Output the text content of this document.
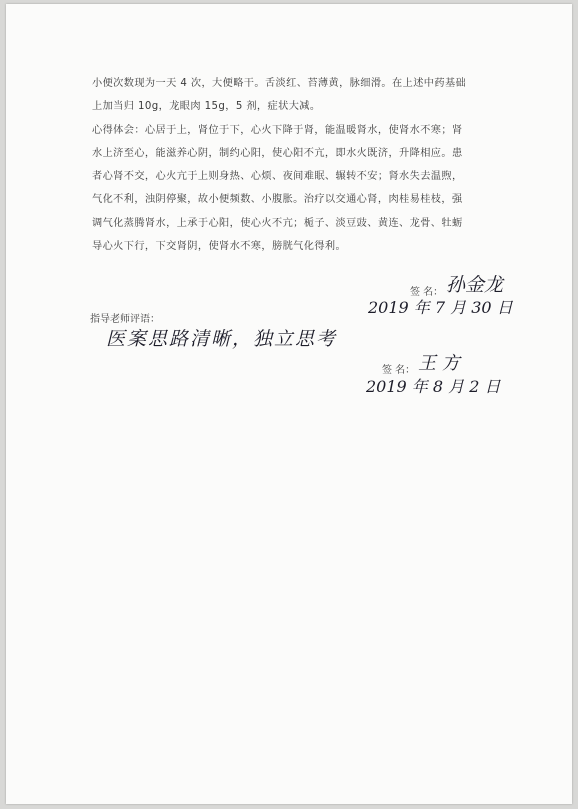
小便次数现为一天 4 次，大便略干。舌淡红、苔薄黄，脉细滑。在上述中药基础
上加当归 10g，龙眼肉 15g，5 剂，症状大减。
心得体会：心居于上，肾位于下，心火下降于肾，能温暖肾水，使肾水不寒；肾
水上济至心，能滋养心阴，制约心阳，使心阳不亢，即水火既济，升降相应。患
者心肾不交，心火亢于上则身热、心烦、夜间难眠、辗转不安；肾水失去温煦，
气化不利，浊阴停聚，故小便频数、小腹胀。治疗以交通心肾，肉桂易桂枝，强
调气化蒸腾肾水，上承于心阳，使心火不亢；栀子、淡豆豉、黄连、龙骨、牡蛎
导心火下行，下交肾阴，使肾水不寒，膀胱气化得利。
签 名： 孙金龙
2019 年 7 月 30 日
指导老师评语：
医案思路清晰，独立思考
签 名： 王 方
2019 年 8 月 2 日
